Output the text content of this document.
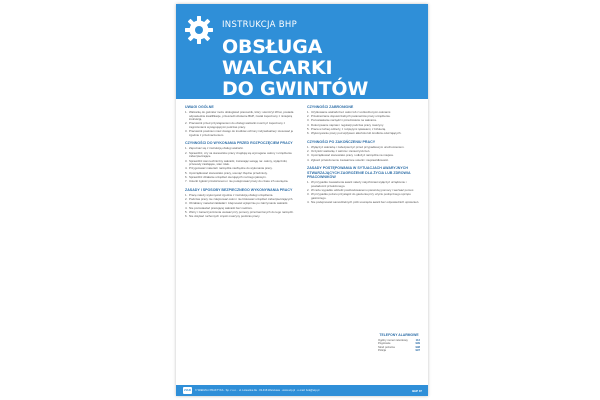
INSTRUKCJA BHP
OBSŁUGA WALCARKI
DO GWINTÓW
UWAGI OGÓLNE
1. Walcarkę do gwintów może obsługiwać pracownik, który: ukończył 18 lat, posiada odpowiednie kwalifikacje, przeszedł szkolenie BHP, został zapoznany z niniejszą instrukcją.
2. Pracownik przed przystąpieniem do obsługi walcarki musi być zapoznany z zagrożeniami występującymi podczas pracy.
3. Pracownik powinien mieć dostęp do środków ochrony indywidualnej i stosować je zgodnie z przeznaczeniem.
CZYNNOŚCI DO WYKONANIA PRZED ROZPOCZĘCIEM PRACY
1. Zapoznać się z instrukcją obsługi walcarki.
2. Sprawdzić, czy na stanowisku pracy znajdują się wymagane osłony i urządzenia zabezpieczające.
3. Sprawdzić stan techniczny walcarki, zwracając uwagę na: osłony, wyłączniki, przewody zasilające, stan rolek.
4. Przygotować materiał i narzędzia niezbędne do wykonania pracy.
5. Uporządkować stanowisko pracy, usunąć zbędne przedmioty.
6. Sprawdzić działanie urządzeń sterujących na biegu jałowym.
7. Usterki zgłosić przełożonemu i nie podejmować pracy do czasu ich usunięcia.
ZASADY I SPOSOBY BEZPIECZNEGO WYKONYWANIA PRACY
1. Pracę należy wykonywać zgodnie z instrukcją obsługi urządzenia.
2. Podczas pracy nie zdejmować osłon i nie blokować urządzeń zabezpieczających.
3. Obrabiany materiał zakładać i zdejmować wyłącznie po zatrzymaniu walcarki.
4. Nie pozostawiać pracującej walcarki bez nadzoru.
5. Wióry i zanieczyszczenia usuwać przy pomocy przeznaczonych do tego narzędzi.
6. Nie dotykać ruchomych części maszyny podczas pracy.
CZYNNOŚCI ZABRONIONE
1. Użytkowanie walcarki bez osłon lub z uszkodzonymi osłonami.
2. Przekraczanie dopuszczalnych parametrów pracy urządzenia.
3. Pozostawianie narzędzi i przedmiotów na walcarce.
4. Dokonywanie napraw i regulacji podczas pracy maszyny.
5. Praca w luźnej odzieży, z rozpiętymi rękawami, z biżuterią.
6. Wykonywanie pracy pod wpływem alkoholu lub środków odurzających.
CZYNNOŚCI PO ZAKOŃCZENIU PRACY
1. Wyłączyć walcarkę i zabezpieczyć przed przypadkowym uruchomieniem.
2. Oczyścić walcarkę z wiórów i zanieczyszczeń.
3. Uporządkować stanowisko pracy i odłożyć narzędzia na miejsce.
4. Zgłosić przełożonemu zauważone usterki i nieprawidłowości.
ZASADY POSTĘPOWANIA W SYTUACJACH AWARYJNYCH STWARZAJĄCYCH ZAGROŻENIE DLA ŻYCIA LUB ZDROWIA PRACOWNIKÓW
1. W przypadku zauważenia awarii należy natychmiast wyłączyć urządzenie i powiadomić przełożonego.
2. W razie wypadku udzielić poszkodowanemu pierwszej pomocy i wezwać pomoc.
3. W przypadku pożaru przystąpić do gaszenia przy użyciu podręcznego sprzętu gaśniczego.
4. Nie podejmować samodzielnych prób usunięcia awarii bez odpowiednich uprawnień.
TELEFONY ALARMOWE
Ogólny numer ratunkowy	112
Pogotowie	999
Straż pożarna	998
Policja	997
ZIAD	© WIEDZA i PRAKTYKA · Sp. z o.o. · ul. Łotewska 9a · 03-918 Warszawa · www.wip.pl · e-mail: bok@wip.pl	BHP 07
